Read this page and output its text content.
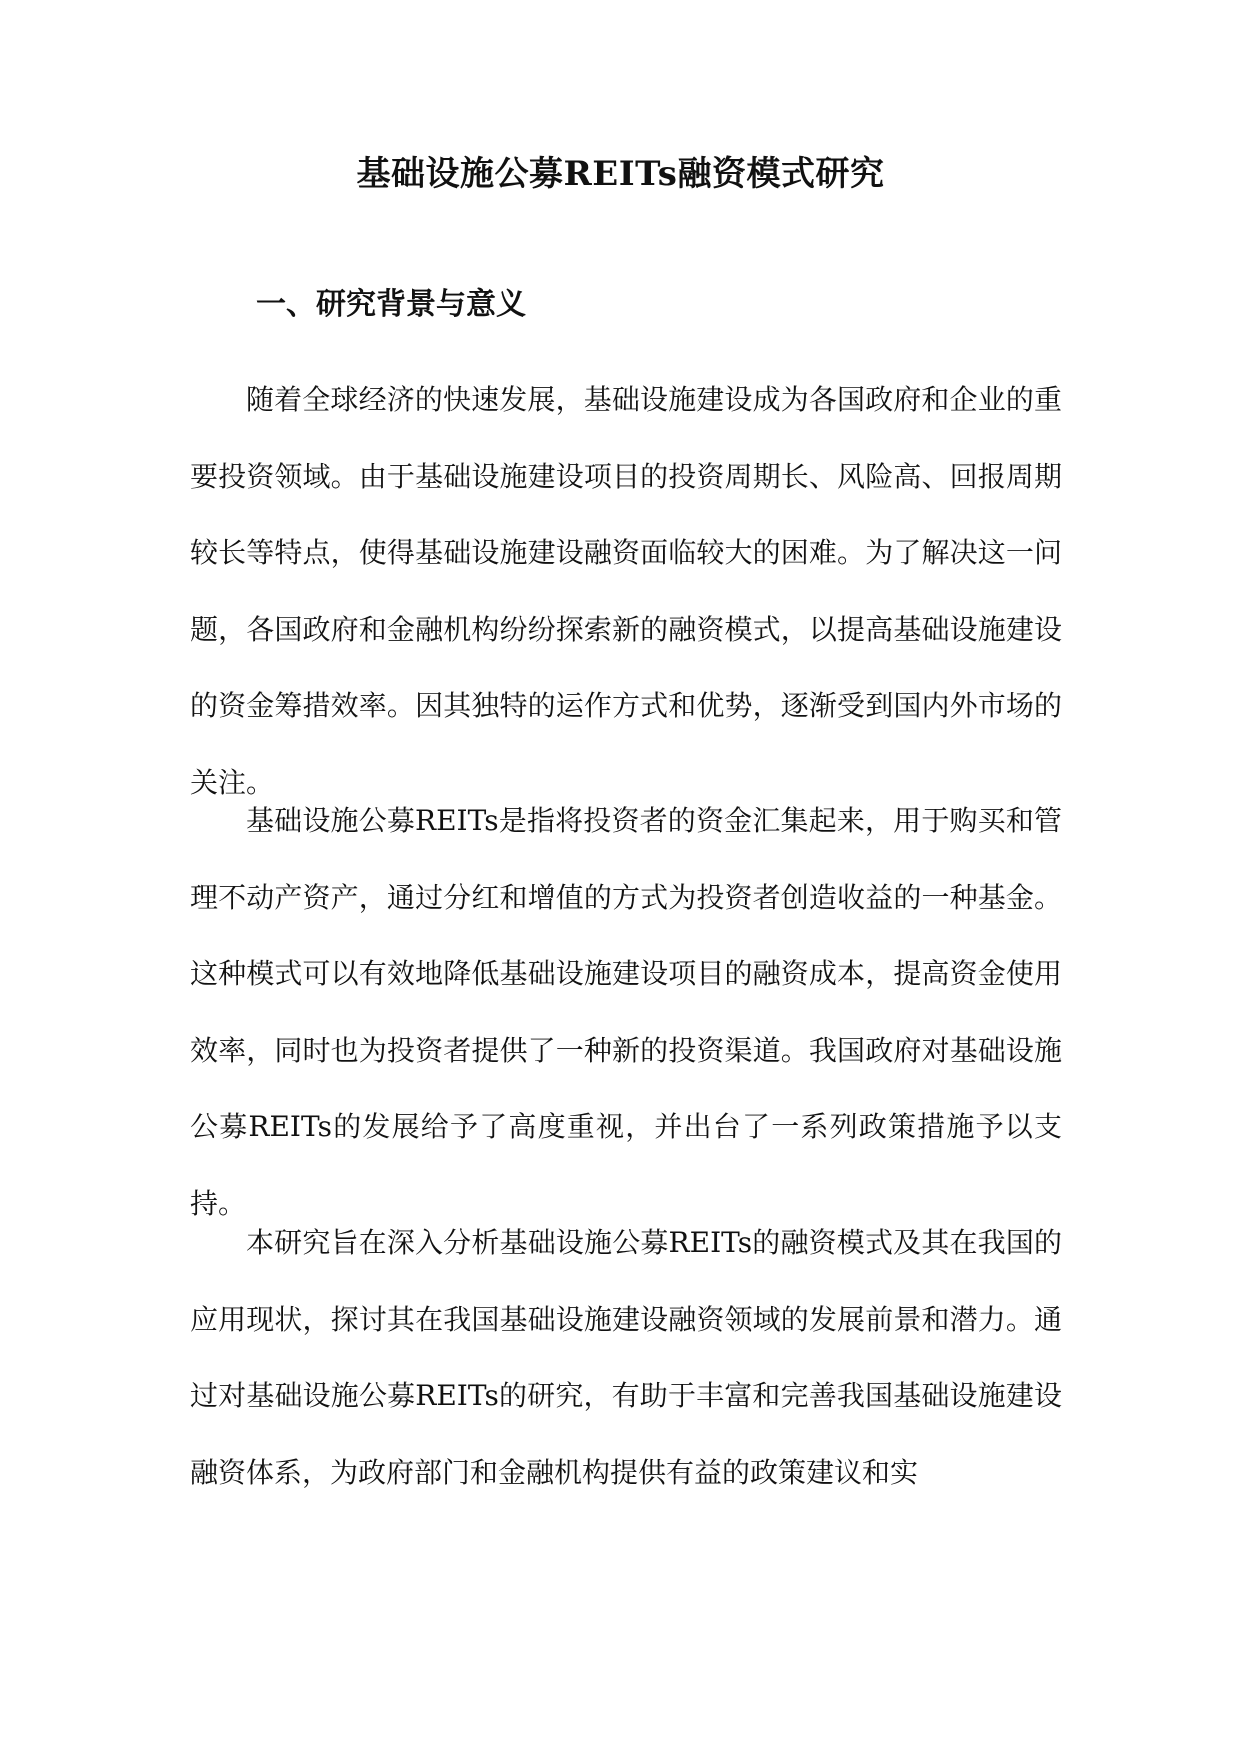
基础设施公募REITs融资模式研究
一、研究背景与意义

随着全球经济的快速发展，基础设施建设成为各国政府和企业的重要投资领域。由于基础设施建设项目的投资周期长、风险高、回报周期较长等特点，使得基础设施建设融资面临较大的困难。为了解决这一问题，各国政府和金融机构纷纷探索新的融资模式，以提高基础设施建设的资金筹措效率。因其独特的运作方式和优势，逐渐受到国内外市场的关注。

基础设施公募REITs是指将投资者的资金汇集起来，用于购买和管理不动产资产，通过分红和增值的方式为投资者创造收益的一种基金。这种模式可以有效地降低基础设施建设项目的融资成本，提高资金使用效率，同时也为投资者提供了一种新的投资渠道。我国政府对基础设施公募REITs的发展给予了高度重视，并出台了一系列政策措施予以支持。

本研究旨在深入分析基础设施公募REITs的融资模式及其在我国的应用现状，探讨其在我国基础设施建设融资领域的发展前景和潜力。通过对基础设施公募REITs的研究，有助于丰富和完善我国基础设施建设融资体系，为政府部门和金融机构提供有益的政策建议和实
